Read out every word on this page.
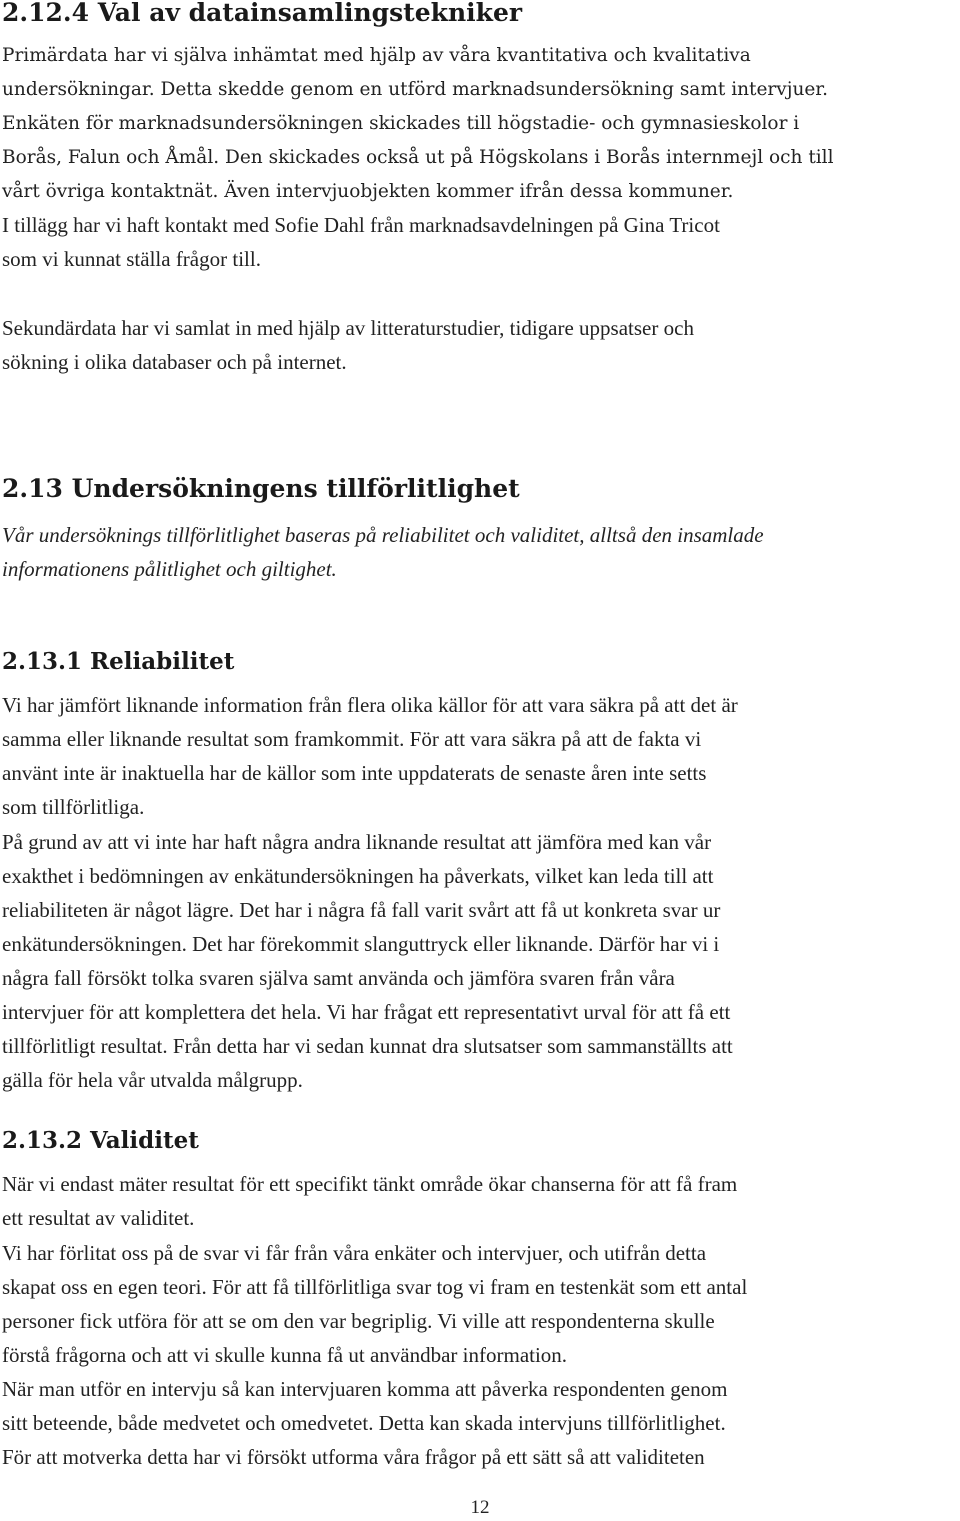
2.12.4 Val av datainsamlingstekniker
Primärdata har vi själva inhämtat med hjälp av våra kvantitativa och kvalitativa
undersökningar. Detta skedde genom en utförd marknadsundersökning samt intervjuer.
Enkäten för marknadsundersökningen skickades till högstadie- och gymnasieskolor i
Borås, Falun och Åmål. Den skickades också ut på Högskolans i Borås internmejl och till
vårt övriga kontaktnät. Även intervjuobjekten kommer ifrån dessa kommuner.
I tillägg har vi haft kontakt med Sofie Dahl från marknadsavdelningen på Gina Tricot
som vi kunnat ställa frågor till.
Sekundärdata har vi samlat in med hjälp av litteraturstudier, tidigare uppsatser och
sökning i olika databaser och på internet.
2.13 Undersökningens tillförlitlighet
Vår undersöknings tillförlitlighet baseras på reliabilitet och validitet, alltså den insamlade
informationens pålitlighet och giltighet.
2.13.1 Reliabilitet
Vi har jämfört liknande information från flera olika källor för att vara säkra på att det är
samma eller liknande resultat som framkommit. För att vara säkra på att de fakta vi
använt inte är inaktuella har de källor som inte uppdaterats de senaste åren inte setts
som tillförlitliga.
På grund av att vi inte har haft några andra liknande resultat att jämföra med kan vår
exakthet i bedömningen av enkätundersökningen ha påverkats, vilket kan leda till att
reliabiliteten är något lägre. Det har i några få fall varit svårt att få ut konkreta svar ur
enkätundersökningen. Det har förekommit slanguttryck eller liknande. Därför har vi i
några fall försökt tolka svaren själva samt använda och jämföra svaren från våra
intervjuer för att komplettera det hela. Vi har frågat ett representativt urval för att få ett
tillförlitligt resultat. Från detta har vi sedan kunnat dra slutsatser som sammanställts att
gälla för hela vår utvalda målgrupp.
2.13.2 Validitet
När vi endast mäter resultat för ett specifikt tänkt område ökar chanserna för att få fram
ett resultat av validitet.
Vi har förlitat oss på de svar vi får från våra enkäter och intervjuer, och utifrån detta
skapat oss en egen teori. För att få tillförlitliga svar tog vi fram en testenkät som ett antal
personer fick utföra för att se om den var begriplig. Vi ville att respondenterna skulle
förstå frågorna och att vi skulle kunna få ut användbar information.
När man utför en intervju så kan intervjuaren komma att påverka respondenten genom
sitt beteende, både medvetet och omedvetet. Detta kan skada intervjuns tillförlitlighet.
För att motverka detta har vi försökt utforma våra frågor på ett sätt så att validiteten
12
